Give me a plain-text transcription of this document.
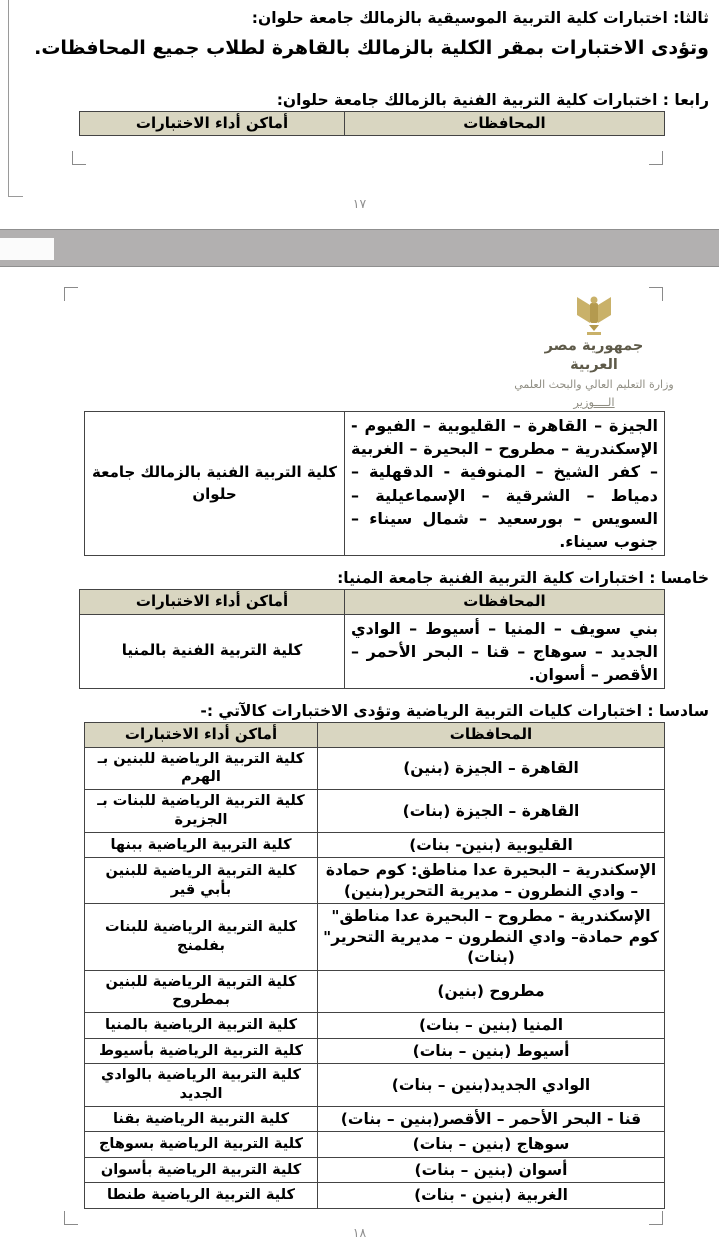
ثالثا: اختبارات كلية التربية الموسيقية بالزمالك جامعة حلوان:

وتؤدى الاختبارات بمقر الكلية بالزمالك بالقاهرة لطلاب جميع المحافظات.

رابعا : اختبارات كلية التربية الفنية بالزمالك جامعة حلوان:

المحافظات	أماكن أداء الاختبارات
١٧
جمهورية مصر العربية
وزارة التعليم العالي والبحث العلمي
الــــوزير
الجيزة – القاهرة – القليوبية – الفيوم - الإسكندرية – مطروح – البحيرة – الغربية – كفر الشيخ – المنوفية - الدقهلية – دمياط – الشرقية – الإسماعيلية – السويس – بورسعيد – شمال سيناء – جنوب سيناء.	كلية التربية الفنية بالزمالك جامعة حلوان

خامسا : اختبارات كلية التربية الفنية جامعة المنيا:

المحافظات	أماكن أداء الاختبارات
بني سويف – المنيا – أسيوط – الوادي الجديد – سوهاج – قنا – البحر الأحمر – الأقصر – أسوان.	كلية التربية الفنية بالمنيا

سادسا : اختبارات كليات التربية الرياضية وتؤدى الاختبارات كالآتي :-

المحافظات	أماكن أداء الاختبارات
القاهرة – الجيزة (بنين)	كلية التربية الرياضية للبنين بـ الهرم
القاهرة – الجيزة (بنات)	كلية التربية الرياضية للبنات بـ الجزيرة
القليوبية (بنين- بنات)	كلية التربية الرياضية ببنها
الإسكندرية – البحيرة عدا مناطق: كوم حمادة – وادي النطرون – مديرية التحرير(بنين)	كلية التربية الرياضية للبنين بأبي قير
الإسكندرية - مطروح – البحيرة عدا مناطق" كوم حمادة– وادي النطرون – مديرية التحرير"(بنات)	كلية التربية الرياضية للبنات بفلمنج
مطروح (بنين)	كلية التربية الرياضية للبنين بمطروح
المنيا (بنين – بنات)	كلية التربية الرياضية بالمنيا
أسيوط (بنين – بنات)	كلية التربية الرياضية بأسيوط
الوادي الجديد(بنين – بنات)	كلية التربية الرياضية بالوادي الجديد
قنا - البحر الأحمر – الأقصر(بنين – بنات)	كلية التربية الرياضية بقنا
سوهاج (بنين – بنات)	كلية التربية الرياضية بسوهاج
أسوان (بنين – بنات)	كلية التربية الرياضية بأسوان
الغربية (بنين - بنات)	كلية التربية الرياضية طنطا
١٨
